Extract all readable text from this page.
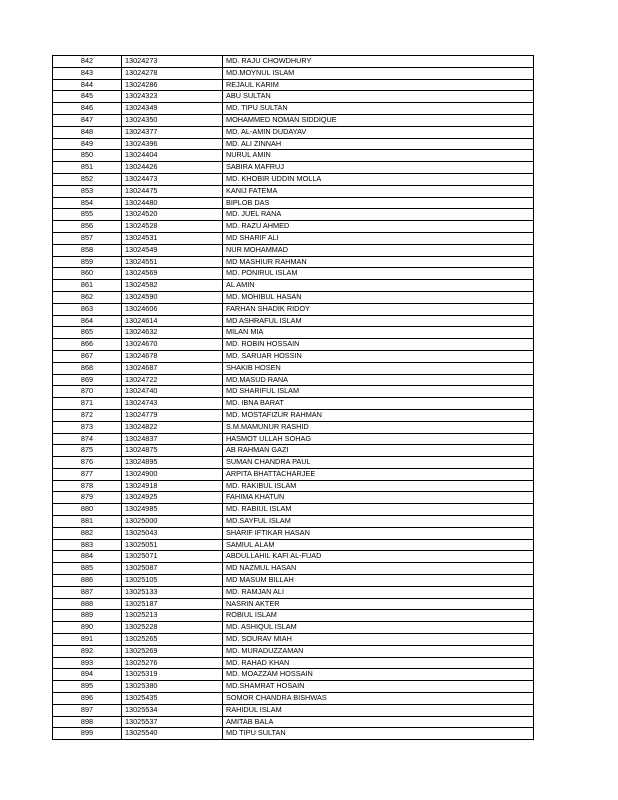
842	13024273	MD. RAJU CHOWDHURY
843	13024278	MD.MOYNUL ISLAM
844	13024286	REJAUL KARIM
845	13024323	ABU SULTAN
846	13024349	MD. TIPU SULTAN
847	13024350	MOHAMMED NOMAN SIDDIQUE
848	13024377	MD. AL-AMIN DUDAYAV
849	13024396	MD. ALI ZINNAH
850	13024404	NURUL AMIN
851	13024426	SABIRA MAFRUJ
852	13024473	MD. KHOBIR UDDIN MOLLA
853	13024475	KANIJ FATEMA
854	13024480	BIPLOB DAS
855	13024520	MD. JUEL RANA
856	13024528	MD. RAZU AHMED
857	13024531	MD SHARIF ALI
858	13024549	NUR MOHAMMAD
859	13024551	MD MASHIUR RAHMAN
860	13024569	MD. PONIRUL ISLAM
861	13024582	AL AMIN
862	13024590	MD. MOHIBUL HASAN
863	13024606	FARHAN SHADIK RIDOY
864	13024614	MD ASHRAFUL ISLAM
865	13024632	MILAN MIA
866	13024670	MD. ROBIN HOSSAIN
867	13024678	MD. SARUAR HOSSIN
868	13024687	SHAKIB HOSEN
869	13024722	MD.MASUD RANA
870	13024740	MD SHARIFUL ISLAM
871	13024743	MD. IBNA BARAT
872	13024779	MD. MOSTAFIZUR RAHMAN
873	13024822	S.M.MAMUNUR RASHID
874	13024837	HASMOT ULLAH SOHAG
875	13024875	AB RAHMAN GAZI
876	13024895	SUMAN CHANDRA PAUL
877	13024900	ARPITA BHATTACHARJEE
878	13024918	MD. RAKIBUL ISLAM
879	13024925	FAHIMA KHATUN
880	13024985	MD. RABIUL ISLAM
881	13025000	MD.SAYFUL ISLAM
882	13025043	SHARIF IFTIKAR HASAN
883	13025051	SAMIUL ALAM
884	13025071	ABDULLAHIL KAFI AL-FUAD
885	13025087	MD NAZMUL HASAN
886	13025105	MD MASUM BILLAH
887	13025133	MD. RAMJAN ALI
888	13025187	NASRIN AKTER
889	13025213	ROBIUL ISLAM
890	13025228	MD. ASHIQUL ISLAM
891	13025265	MD. SOURAV MIAH
892	13025269	MD. MURADUZZAMAN
893	13025276	MD. RAHAD KHAN
894	13025319	MD. MOAZZAM HOSSAIN
895	13025380	MD.SHAMRAT HOSAIN
896	13025435	SOMOR CHANDRA BISHWAS
897	13025534	RAHIDUL ISLAM
898	13025537	AMITAB BALA
899	13025540	MD TIPU SULTAN
